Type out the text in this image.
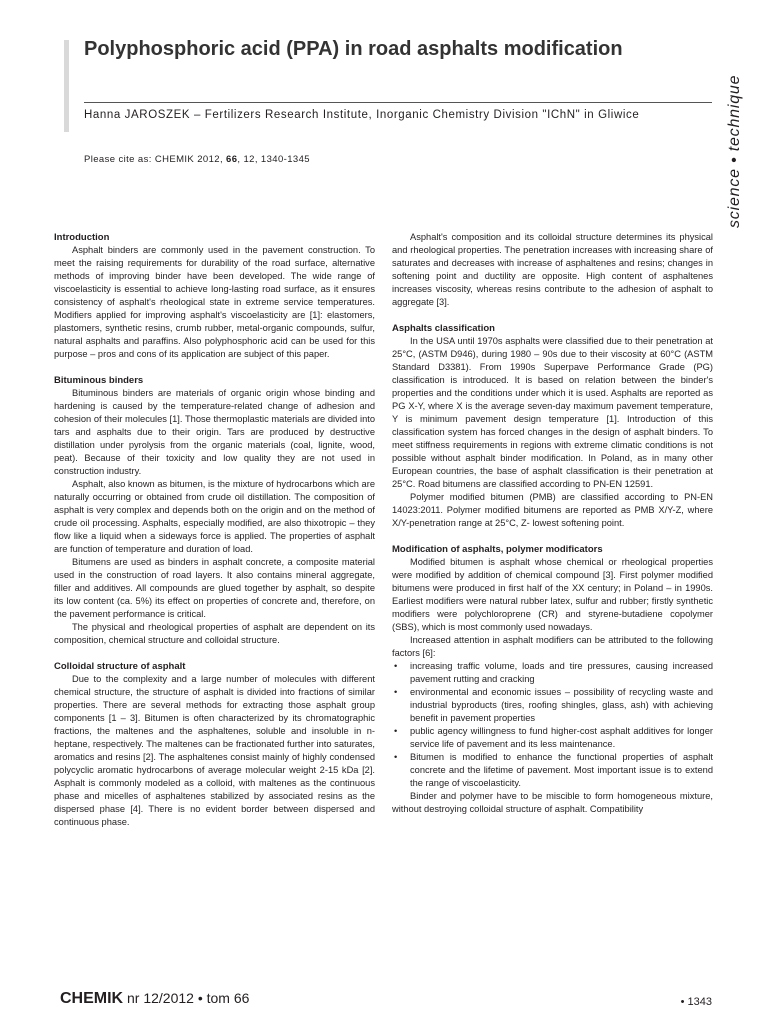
Polyphosphoric acid (PPA) in road asphalts modification

Hanna JAROSZEK – Fertilizers Research Institute, Inorganic Chemistry Division "IChN" in Gliwice

Please cite as: CHEMIK 2012, 66, 12, 1340-1345	science • technique
Introduction

Asphalt binders are commonly used in the pavement construction. To meet the raising requirements for durability of the road surface, alternative methods of improving binder have been developed. The wide range of viscoelasticity is essential to achieve long-lasting road surface, as it ensures consistency of asphalt's rheological state in extreme service temperatures. Modifiers applied for improving asphalt's viscoelasticity are [1]: elastomers, plastomers, synthetic resins, crumb rubber, metal-organic compounds, sulfur, natural asphalts and paraffins. Also polyphosphoric acid can be used for this purpose – pros and cons of its application are subject of this paper.

Bituminous binders

Bituminous binders are materials of organic origin whose binding and hardening is caused by the temperature-related change of adhesion and cohesion of their molecules [1]. Those thermoplastic materials are divided into tars and asphalts due to their origin. Tars are produced by destructive distillation under pyrolysis from the organic materials (coal, lignite, wood, peat). Because of their toxicity and low quality they are not used in construction industry.

Asphalt, also known as bitumen, is the mixture of hydrocarbons which are naturally occurring or obtained from crude oil distillation. The composition of asphalt is very complex and depends both on the origin and on the method of crude oil processing. Asphalts, especially modified, are also thixotropic – they flow like a liquid when a sideways force is applied. The properties of asphalt are function of temperature and duration of load.

Bitumens are used as binders in asphalt concrete, a composite material used in the construction of road layers. It also contains mineral aggregate, filler and additives. All compounds are glued together by asphalt, so despite its low content (ca. 5%) its effect on properties of concrete and, therefore, on the pavement performance is critical.

The physical and rheological properties of asphalt are dependent on its composition, chemical structure and colloidal structure.

Colloidal structure of asphalt

Due to the complexity and a large number of molecules with different chemical structure, the structure of asphalt is divided into fractions of similar properties. There are several methods for extracting those asphalt group components [1 – 3]. Bitumen is often characterized by its chromatographic fractions, the maltenes and the asphaltenes, soluble and insoluble in n-heptane, respectively. The maltenes can be fractionated further into saturates, aromatics and resins [2]. The asphaltenes consist mainly of highly condensed polycyclic aromatic hydrocarbons of average molecular weight 2-15 kDa [2]. Asphalt is commonly modeled as a colloid, with maltenes as the continuous phase and micelles of asphaltenes stabilized by associated resins as the dispersed phase [4]. There is no evident border between dispersed and continuous phase.

Asphalt's composition and its colloidal structure determines its physical and rheological properties. The penetration increases with increasing share of saturates and decreases with increase of asphaltenes and resins; changes in softening point and ductility are opposite. High content of asphaltenes increases viscosity, whereas resins contribute to the adhesion of asphalt to aggregate [3].

Asphalts classification

In the USA until 1970s asphalts were classified due to their penetration at 25°C, (ASTM D946), during 1980 – 90s due to their viscosity at 60°C (ASTM Standard D3381). From 1990s Superpave Performance Grade (PG) classification is introduced. It is based on relation between the binder's properties and the conditions under which it is used. Asphalts are reported as PG X-Y, where X is the average seven-day maximum pavement temperature, Y is minimum pavement design temperature [1]. Introduction of this classification system has forced changes in the design of asphalt binders. To meet stiffness requirements in regions with extreme climatic conditions is not possible without asphalt binder modification. In Poland, as in many other European countries, the base of asphalt classification is their penetration at 25°C. Road bitumens are classified according to PN-EN 12591.

Polymer modified bitumen (PMB) are classified according to PN-EN 14023:2011. Polymer modified bitumens are reported as PMB X/Y-Z, where X/Y-penetration range at 25°C, Z- lowest softening point.

Modification of asphalts, polymer modificators

Modified bitumen is asphalt whose chemical or rheological properties were modified by addition of chemical compound [3]. First polymer modified bitumens were produced in first half of the XX century; in Poland – in 1990s. Earliest modifiers were natural rubber latex, sulfur and rubber; firstly synthetic modifiers were polychloroprene (CR) and styrene-butadiene copolymer (SBS), which is most commonly used nowadays.

Increased attention in asphalt modifiers can be attributed to the following factors [6]:

• increasing traffic volume, loads and tire pressures, causing increased pavement rutting and cracking
• environmental and economic issues – possibility of recycling waste and industrial byproducts (tires, roofing shingles, glass, ash) with achieving benefit in pavement properties
• public agency willingness to fund higher-cost asphalt additives for longer service life of pavement and its less maintenance.
• Bitumen is modified to enhance the functional properties of asphalt concrete and the lifetime of pavement. Most important issue is to extend the range of viscoelasticity.

Binder and polymer have to be miscible to form homogeneous mixture, without destroying colloidal structure of asphalt. Compatibility

CHEMIK nr 12/2012 • tom 66	• 1343
